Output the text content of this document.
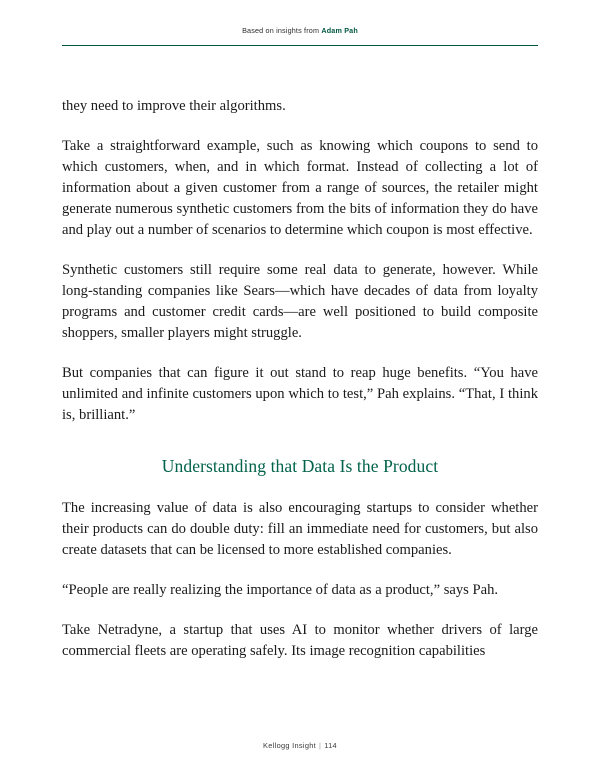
Based on insights from Adam Pah

they need to improve their algorithms.

Take a straightforward example, such as knowing which coupons to send to which customers, when, and in which format. Instead of collecting a lot of information about a given customer from a range of sources, the retailer might generate numerous synthetic customers from the bits of information they do have and play out a number of scenarios to determine which coupon is most effective.

Synthetic customers still require some real data to generate, however. While long-standing companies like Sears—which have decades of data from loyalty programs and customer credit cards—are well positioned to build composite shoppers, smaller players might struggle.

But companies that can figure it out stand to reap huge benefits. “You have unlimited and infinite customers upon which to test,” Pah explains. “That, I think is, brilliant.”

Understanding that Data Is the Product

The increasing value of data is also encouraging startups to consider whether their products can do double duty: fill an immediate need for customers, but also create datasets that can be licensed to more established companies.

“People are really realizing the importance of data as a product,” says Pah.

Take Netradyne, a startup that uses AI to monitor whether drivers of large commercial fleets are operating safely. Its image recognition capabilities

Kellogg Insight | 114
